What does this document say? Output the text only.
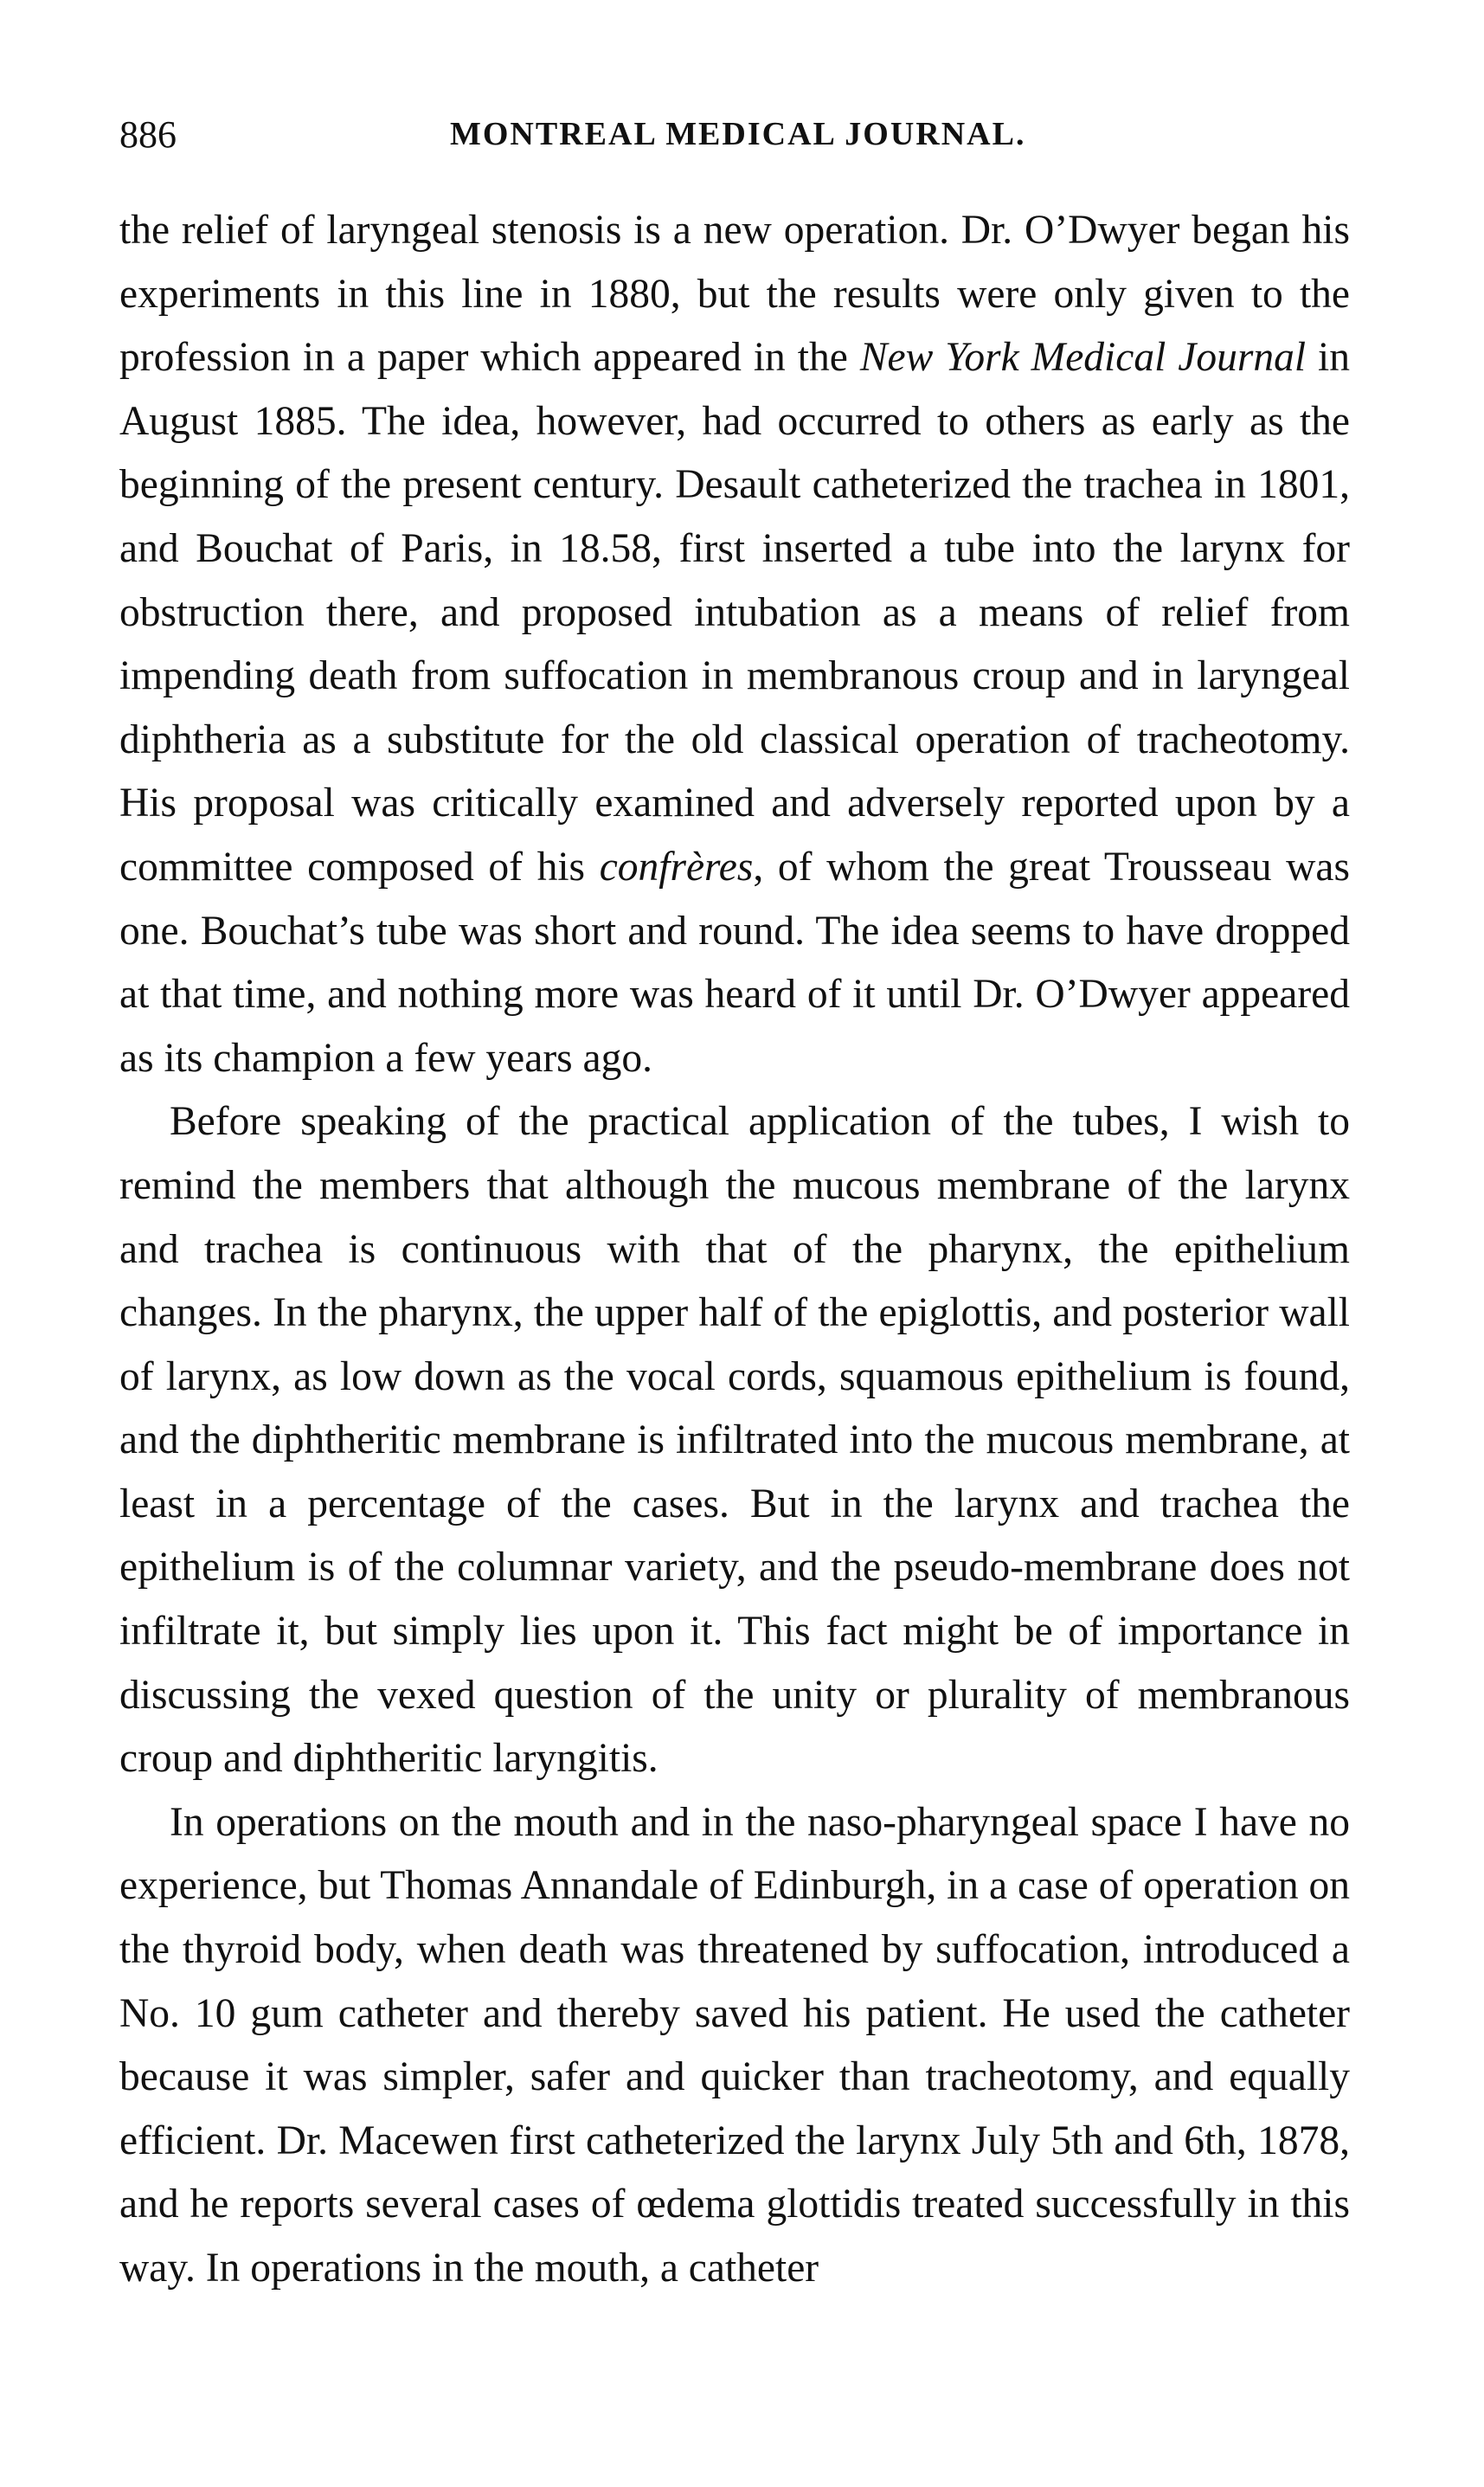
886	MONTREAL MEDICAL JOURNAL.

the relief of laryngeal stenosis is a new operation. Dr. O’Dwyer began his experiments in this line in 1880, but the results were only given to the profession in a paper which appeared in the New York Medical Journal in August 1885. The idea, however, had occurred to others as early as the beginning of the present century. Desault catheterized the trachea in 1801, and Bouchat of Paris, in 18.58, first inserted a tube into the larynx for obstruction there, and proposed intubation as a means of relief from impending death from suffocation in membranous croup and in laryngeal diphtheria as a substitute for the old classical operation of tracheotomy. His proposal was critically examined and adversely reported upon by a committee composed of his confrères, of whom the great Trousseau was one. Bouchat’s tube was short and round. The idea seems to have dropped at that time, and nothing more was heard of it until Dr. O’Dwyer appeared as its champion a few years ago.

Before speaking of the practical application of the tubes, I wish to remind the members that although the mucous membrane of the larynx and trachea is continuous with that of the pharynx, the epithelium changes. In the pharynx, the upper half of the epiglottis, and posterior wall of larynx, as low down as the vocal cords, squamous epithelium is found, and the diphtheritic membrane is infiltrated into the mucous membrane, at least in a percentage of the cases. But in the larynx and trachea the epithelium is of the columnar variety, and the pseudo-membrane does not infiltrate it, but simply lies upon it. This fact might be of importance in discussing the vexed question of the unity or plurality of membranous croup and diphtheritic laryngitis.

In operations on the mouth and in the naso-pharyngeal space I have no experience, but Thomas Annandale of Edinburgh, in a case of operation on the thyroid body, when death was threatened by suffocation, introduced a No. 10 gum catheter and thereby saved his patient. He used the catheter because it was simpler, safer and quicker than tracheotomy, and equally efficient. Dr. Macewen first catheterized the larynx July 5th and 6th, 1878, and he reports several cases of œdema glottidis treated successfully in this way. In operations in the mouth, a catheter
